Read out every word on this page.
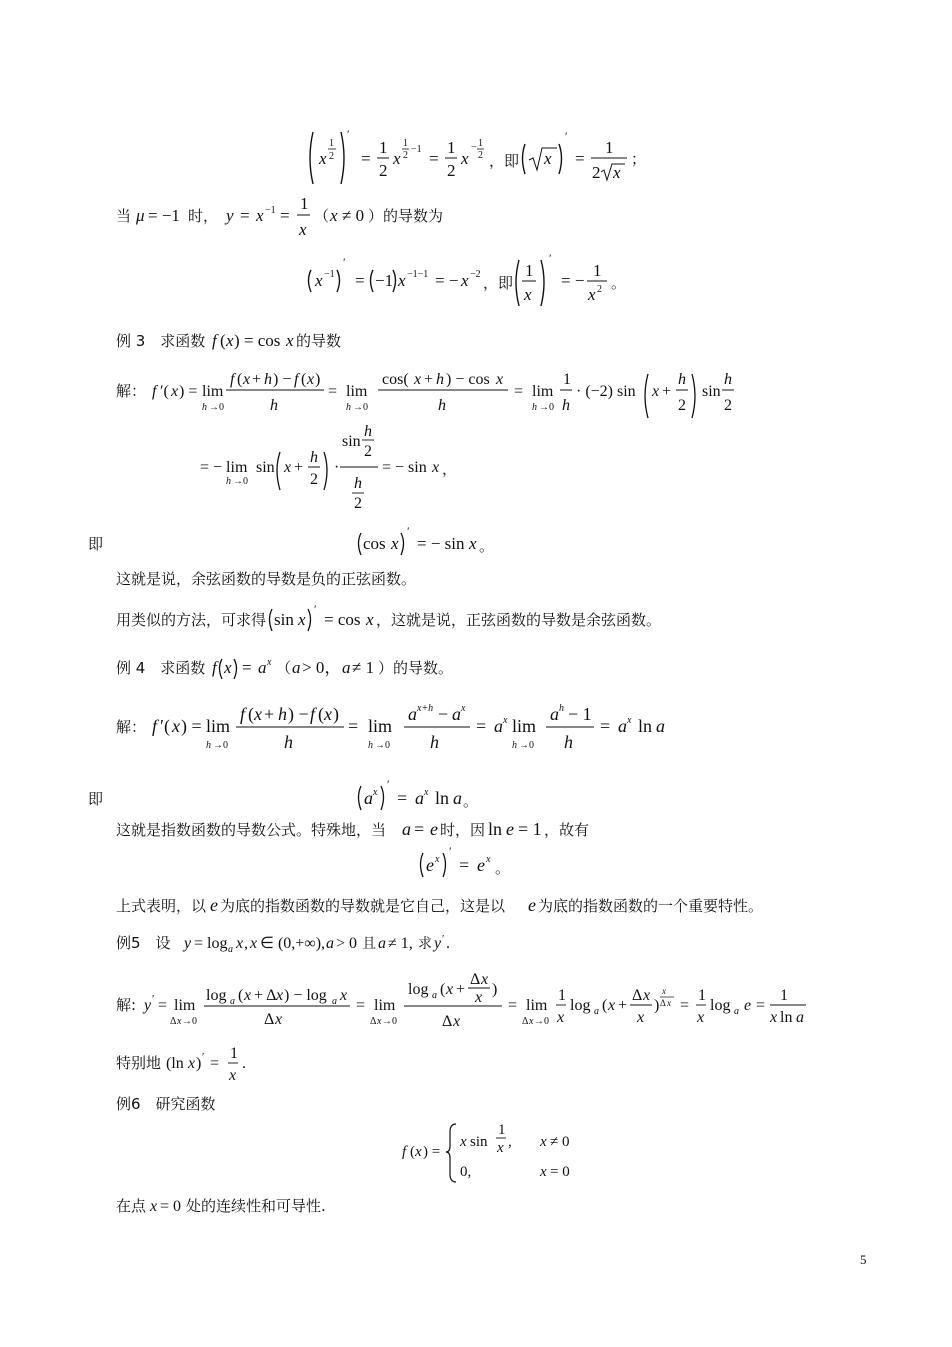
x
1
2
′
=
1
2
x
1
2
−1 =
1
2
x
− 1
2 ，即 x
′
=
1
2 x
；
当 μ = −1 时， y = x −1 =
1
x
（ x ≠ 0 ）的导数为
x −1
′
= −1 x −1−1 = − x −2 ，即
1
x
′
= −
1
x 2 。
例 3　求函数 f ( x ) = cos x 的导数
解： f ′( x ) = lim
h →0
f ( x + h ) − f ( x )
h
= lim
h →0
cos( x + h ) − cos x
h
= lim
h →0
1
h
· (−2) sin x +
h
2
sin
h
2
= − lim
h →0
sin x +
h
2
·
sin
h
2
h
2
= − sin x ，
即	cos x
′
= − sin x 。
这就是说，余弦函数的导数是负的正弦函数。
用类似的方法，可求得 sin x
′
= cos x ，这就是说，正弦函数的导数是余弦函数。
例 4　求函数 f x = a x （ a > 0， a ≠ 1 ）的导数。
解： f ′( x ) = lim
h →0
f ( x + h ) − f ( x )
h
= lim
h →0
a x+h − a x
h
= a x lim
h →0
a h − 1
h
= a x ln a
即	a x
′
= a x ln a 。
这就是指数函数的导数公式。特殊地，当 a = e 时，因 ln e = 1 ，故有
e x
′
= e x 。
上式表明，以 e 为底的指数函数的导数就是它自己，这是以 e 为底的指数函数的一个重要特性。
例5　设 y = log a x , x ∈ (0,+∞), a > 0 且 a ≠ 1, 求 y ′ .
解: y ′ = lim
Δ x →0
log a ( x + Δ x ) − log a x
Δ x
= lim
Δ x →0
log a ( x +
Δ x
x )
Δ x
= lim
Δ x →0
1
x
log a ( x +
Δ x
x
)
x
Δ x =
1
x
log a e =
1
x ln a
特别地 (ln x ) ′ =
1
x
.
例6　研究函数
f ( x ) =
x sin
1
x , x ≠ 0
0,	x = 0
在点 x = 0 处的连续性和可导性.
5
